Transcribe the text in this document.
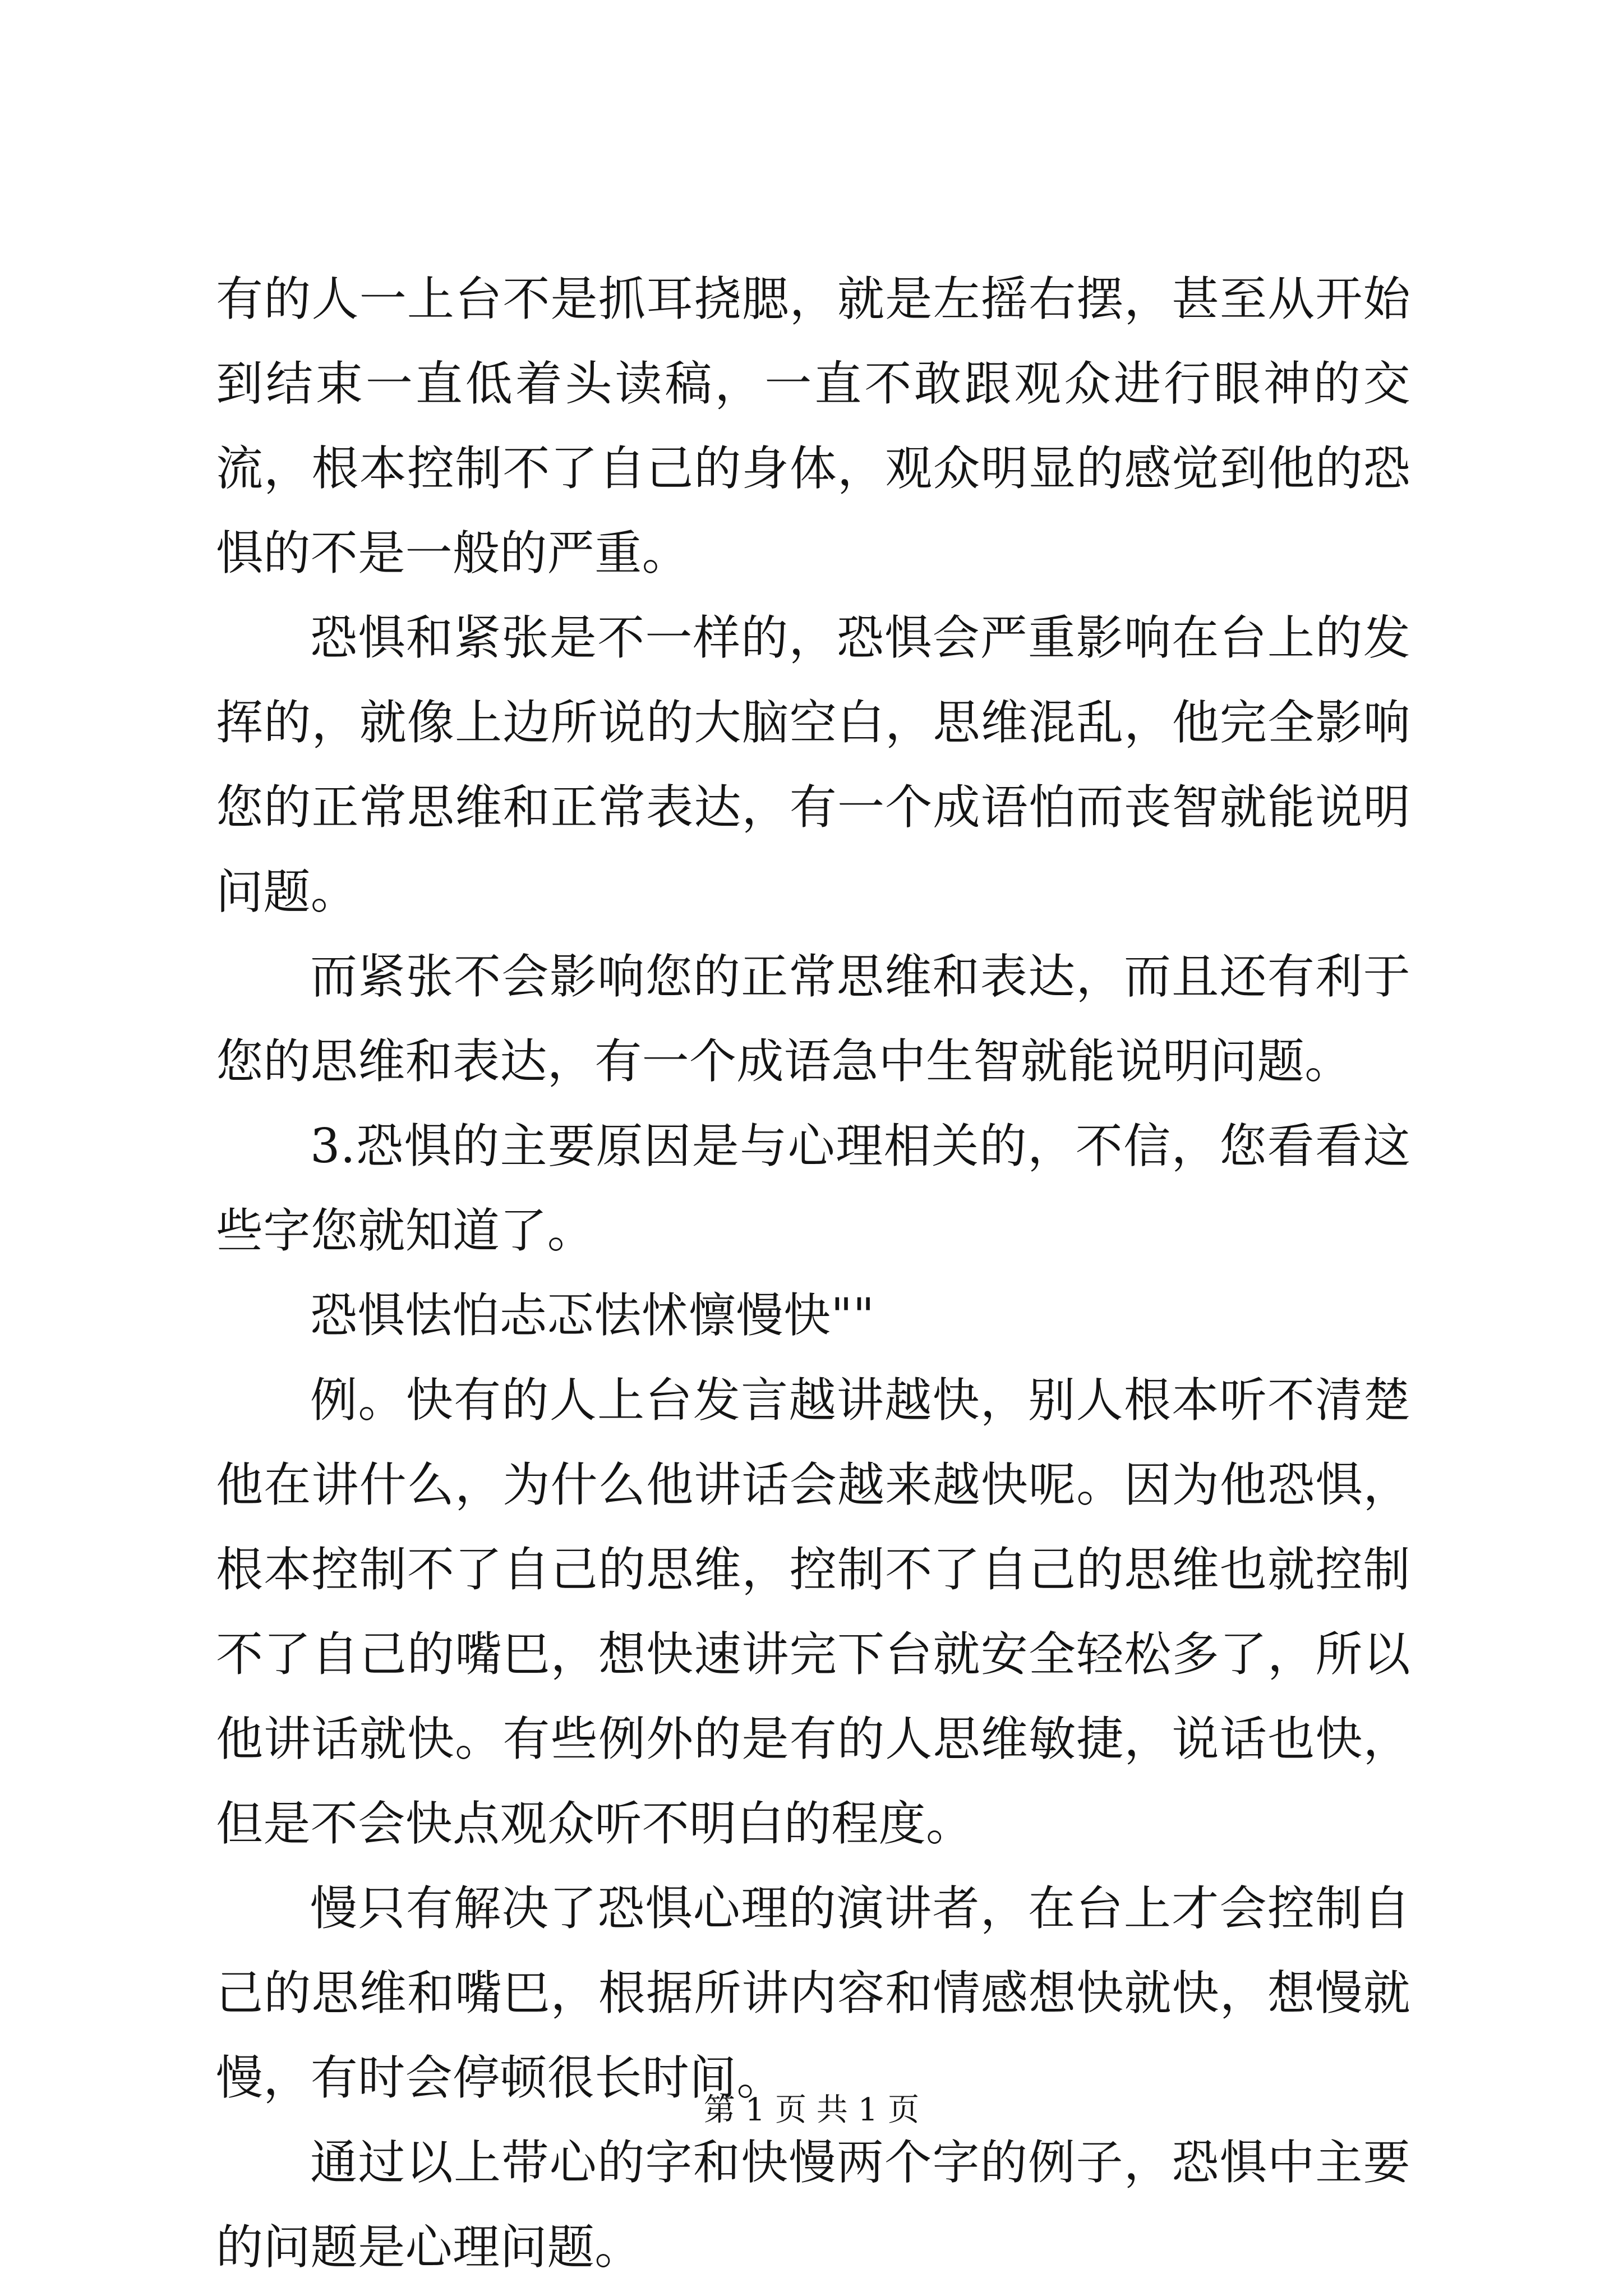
有的人一上台不是抓耳挠腮，就是左摇右摆，甚至从开始到结束一直低着头读稿，一直不敢跟观众进行眼神的交流，根本控制不了自己的身体，观众明显的感觉到他的恐惧的不是一般的严重。

恐惧和紧张是不一样的，恐惧会严重影响在台上的发挥的，就像上边所说的大脑空白，思维混乱，他完全影响您的正常思维和正常表达，有一个成语怕而丧智就能说明问题。

而紧张不会影响您的正常思维和表达，而且还有利于您的思维和表达，有一个成语急中生智就能说明问题。

3.恐惧的主要原因是与心理相关的，不信，您看看这些字您就知道了。

恐惧怯怕忐忑怯怵懔慢快""

例。快有的人上台发言越讲越快，别人根本听不清楚他在讲什么，为什么他讲话会越来越快呢。因为他恐惧，根本控制不了自己的思维，控制不了自己的思维也就控制不了自己的嘴巴，想快速讲完下台就安全轻松多了，所以他讲话就快。有些例外的是有的人思维敏捷，说话也快，但是不会快点观众听不明白的程度。

慢只有解决了恐惧心理的演讲者，在台上才会控制自己的思维和嘴巴，根据所讲内容和情感想快就快，想慢就慢，有时会停顿很长时间。

通过以上带心的字和快慢两个字的例子，恐惧中主要的问题是心理问题。

第 1 页 共 1 页
